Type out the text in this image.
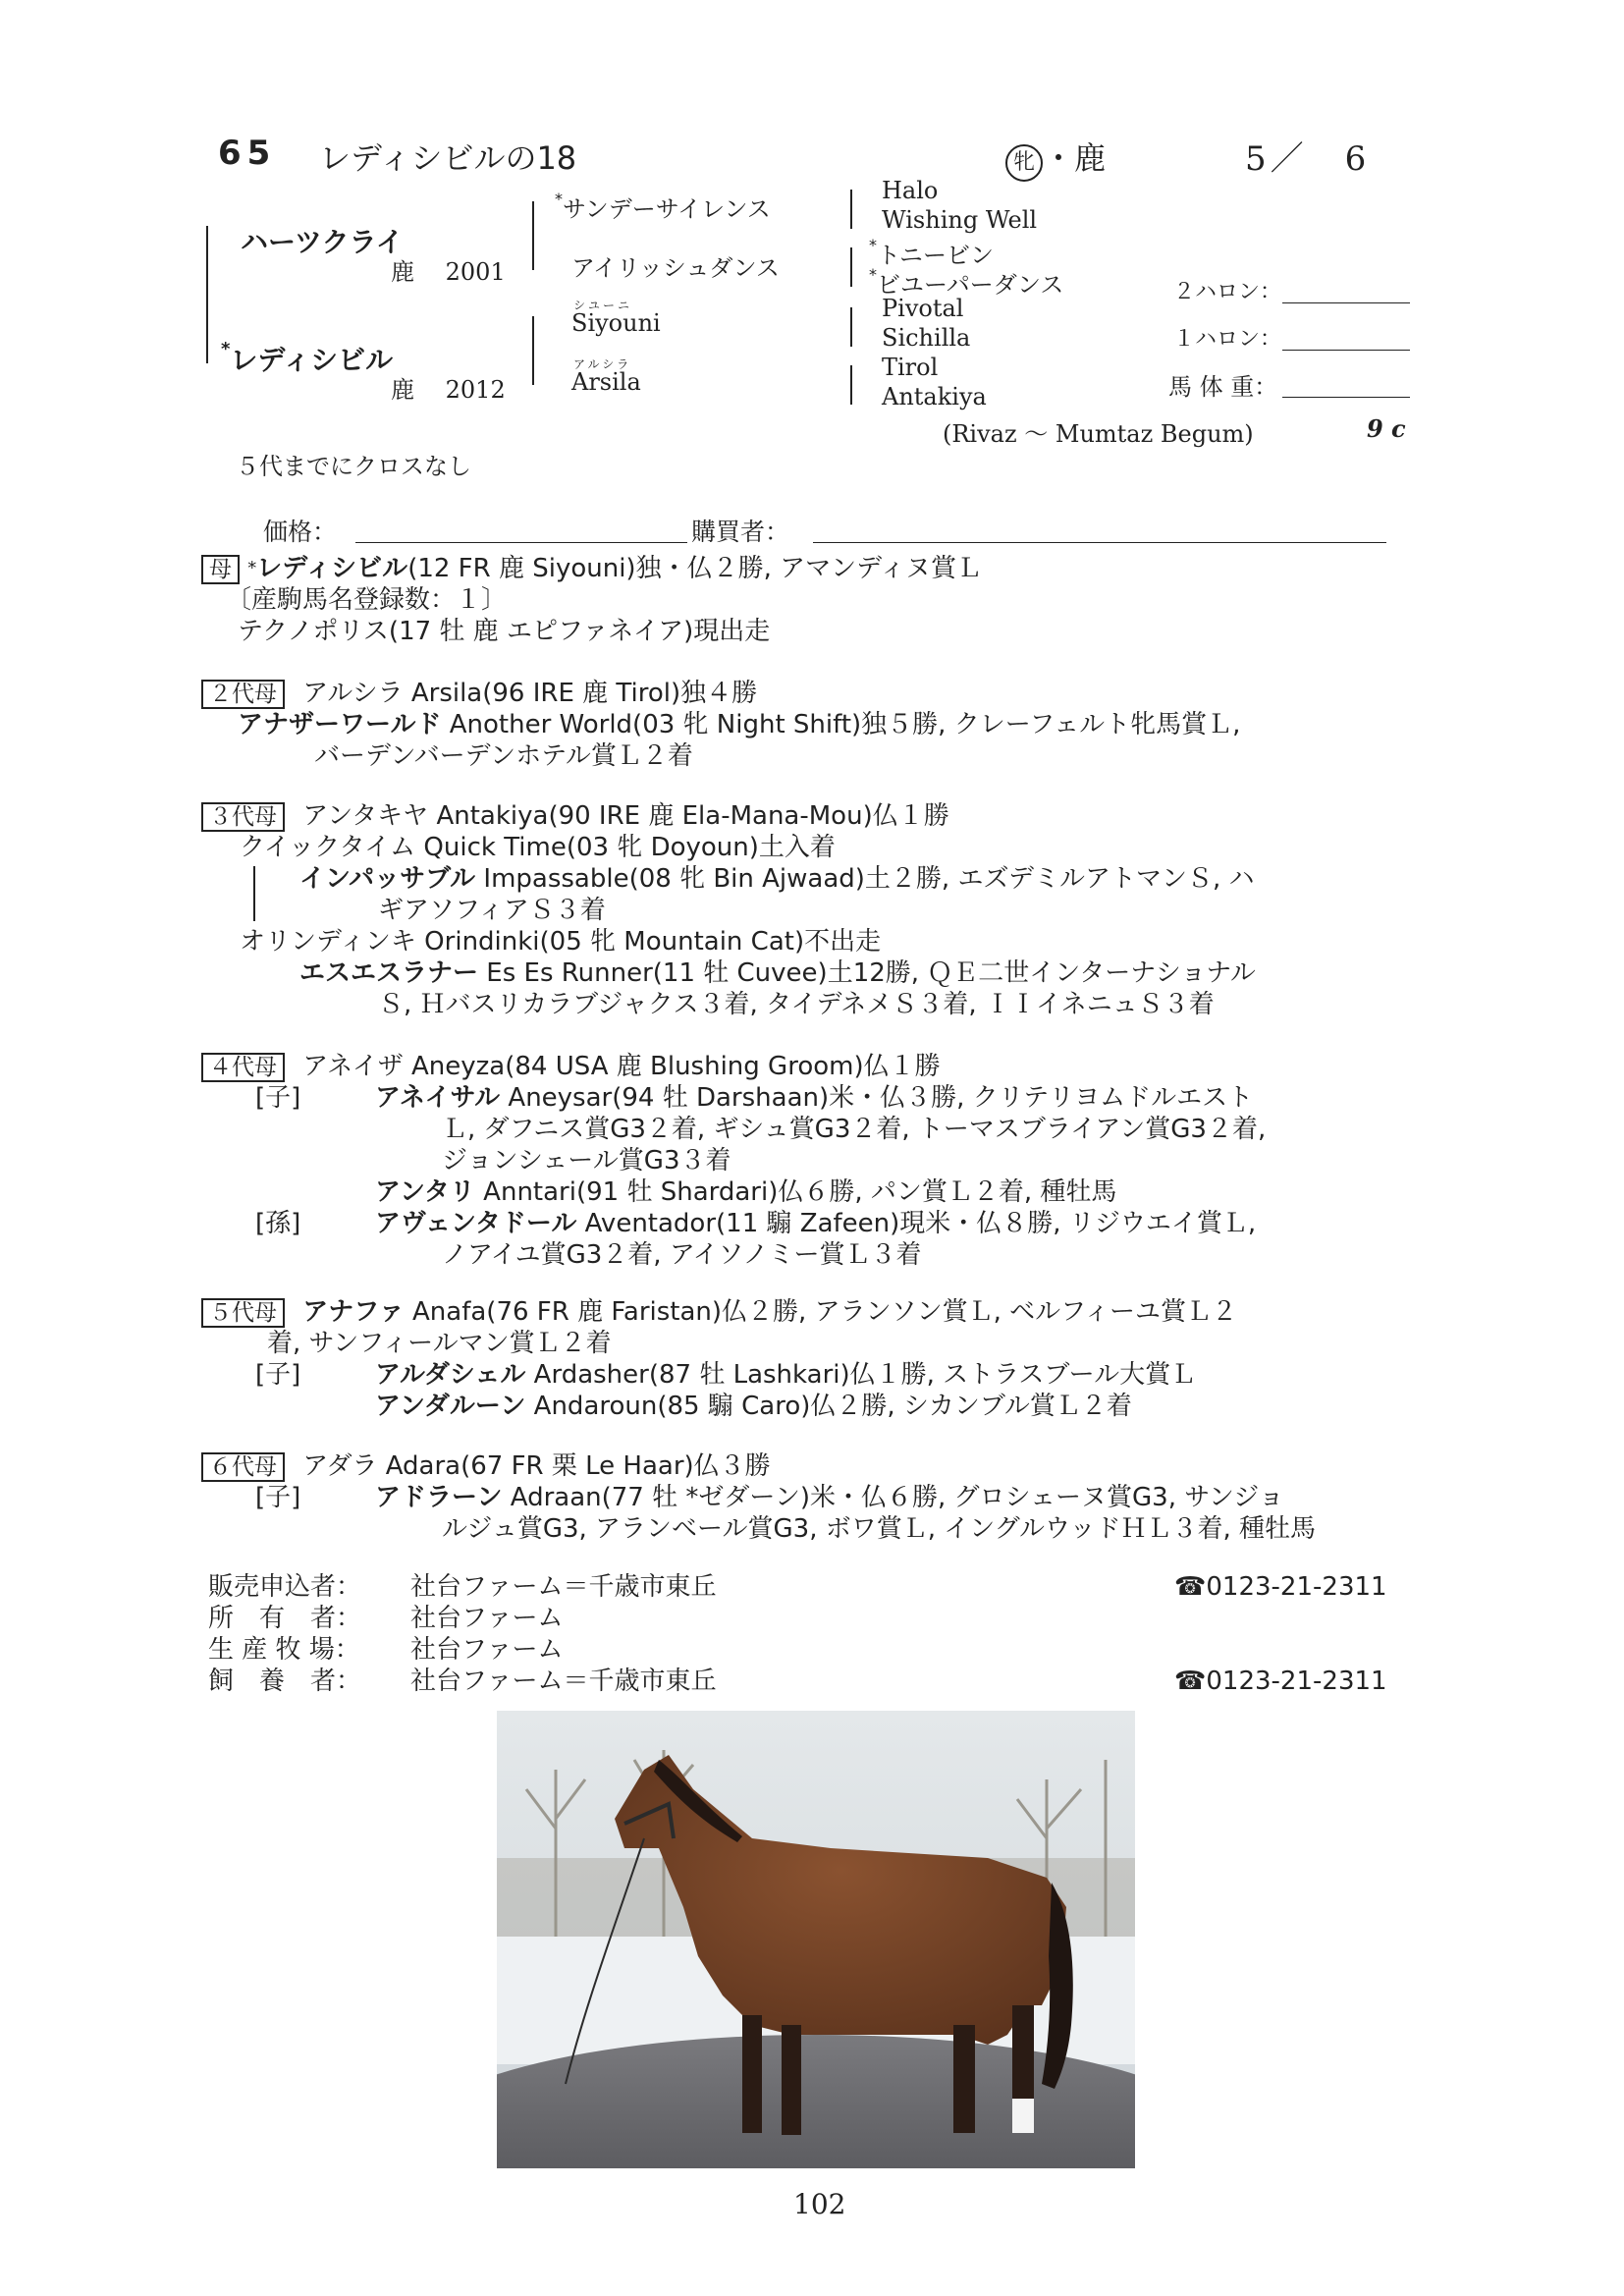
65 レディシビルの18	牝 ・鹿	5／　6
ハーツクライ
鹿 2001
*レディシビル
鹿 2012
*サンデーサイレンス
アイリッシュダンス
シユーニ
Siyouni
アルシラ
Arsila
Halo
Wishing Well
*トニービン
*ビユーパーダンス
Pivotal
Sichilla
Tirol
Antakiya
(Rivaz ～ Mumtaz Begum)	9 c
５代までにクロスなし
２ハロン：
１ハロン：
馬 体 重：
価格：	購買者：
母 *レディシビル(12 FR 鹿 Siyouni)独・仏２勝, アマンディヌ賞Ｌ
〔産駒馬名登録数：１〕
テクノポリス(17 牡 鹿 エピファネイア)現出走
２代母 アルシラ Arsila(96 IRE 鹿 Tirol)独４勝
アナザーワールド Another World(03 牝 Night Shift)独５勝, クレーフェルト牝馬賞Ｌ,
バーデンバーデンホテル賞Ｌ２着
３代母 アンタキヤ Antakiya(90 IRE 鹿 Ela-Mana-Mou)仏１勝
クイックタイム Quick Time(03 牝 Doyoun)土入着
インパッサブル Impassable(08 牝 Bin Ajwaad)土２勝, エズデミルアトマンＳ, ハ
ギアソフィアＳ３着
オリンディンキ Orindinki(05 牝 Mountain Cat)不出走
エスエスラナー Es Es Runner(11 牡 Cuvee)土12勝, ＱＥ二世インターナショナル
Ｓ, Ｈバスリカラブジャクス３着, タイデネメＳ３着, ＩＩイネニュＳ３着
４代母 アネイザ Aneyza(84 USA 鹿 Blushing Groom)仏１勝
[子]	アネイサル Aneysar(94 牡 Darshaan)米・仏３勝, クリテリヨムドルエスト
Ｌ, ダフニス賞G3２着, ギシュ賞G3２着, トーマスブライアン賞G3２着,
ジョンシェール賞G3３着
アンタリ Anntari(91 牡 Shardari)仏６勝, パン賞Ｌ２着, 種牡馬
[孫]	アヴェンタドール Aventador(11 騸 Zafeen)現米・仏８勝, リジウエイ賞Ｌ,
ノアイユ賞G3２着, アイソノミー賞Ｌ３着
５代母 アナファ Anafa(76 FR 鹿 Faristan)仏２勝, アランソン賞Ｌ, ベルフィーユ賞Ｌ２
着, サンフィールマン賞Ｌ２着
[子]	アルダシェル Ardasher(87 牡 Lashkari)仏１勝, ストラスブール大賞Ｌ
アンダルーン Andaroun(85 騸 Caro)仏２勝, シカンブル賞Ｌ２着
６代母 アダラ Adara(67 FR 栗 Le Haar)仏３勝
[子]	アドラーン Adraan(77 牡 *ゼダーン)米・仏６勝, グロシェーヌ賞G3, サンジョ
ルジュ賞G3, アランベール賞G3, ボワ賞Ｌ, イングルウッドＨＬ３着, 種牡馬
販売申込者： 社台ファーム＝千歳市東丘	☎0123-21-2311
所　有　者： 社台ファーム
生 産 牧 場： 社台ファーム
飼　養　者： 社台ファーム＝千歳市東丘	☎0123-21-2311
102
